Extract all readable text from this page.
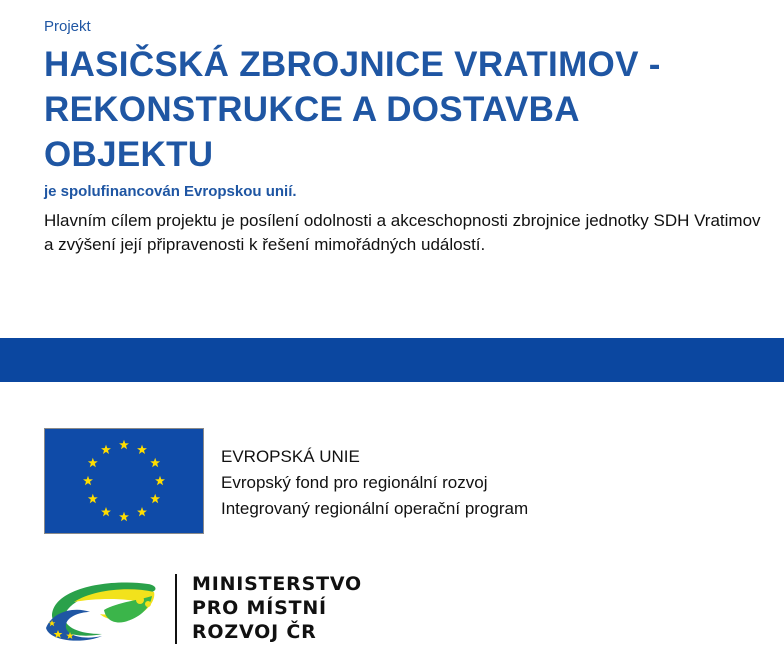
Projekt
HASIČSKÁ ZBROJNICE VRATIMOV - REKONSTRUKCE A DOSTAVBA OBJEKTU
je spolufinancován Evropskou unií.
Hlavním cílem projektu je posílení odolnosti a akceschopnosti zbrojnice jednotky SDH Vratimov a zvýšení její připravenosti k řešení mimořádných událostí.
EVROPSKÁ UNIE
Evropský fond pro regionální rozvoj
Integrovaný regionální operační program
MINISTERSTVO
PRO MÍSTNÍ
ROZVOJ ČR
